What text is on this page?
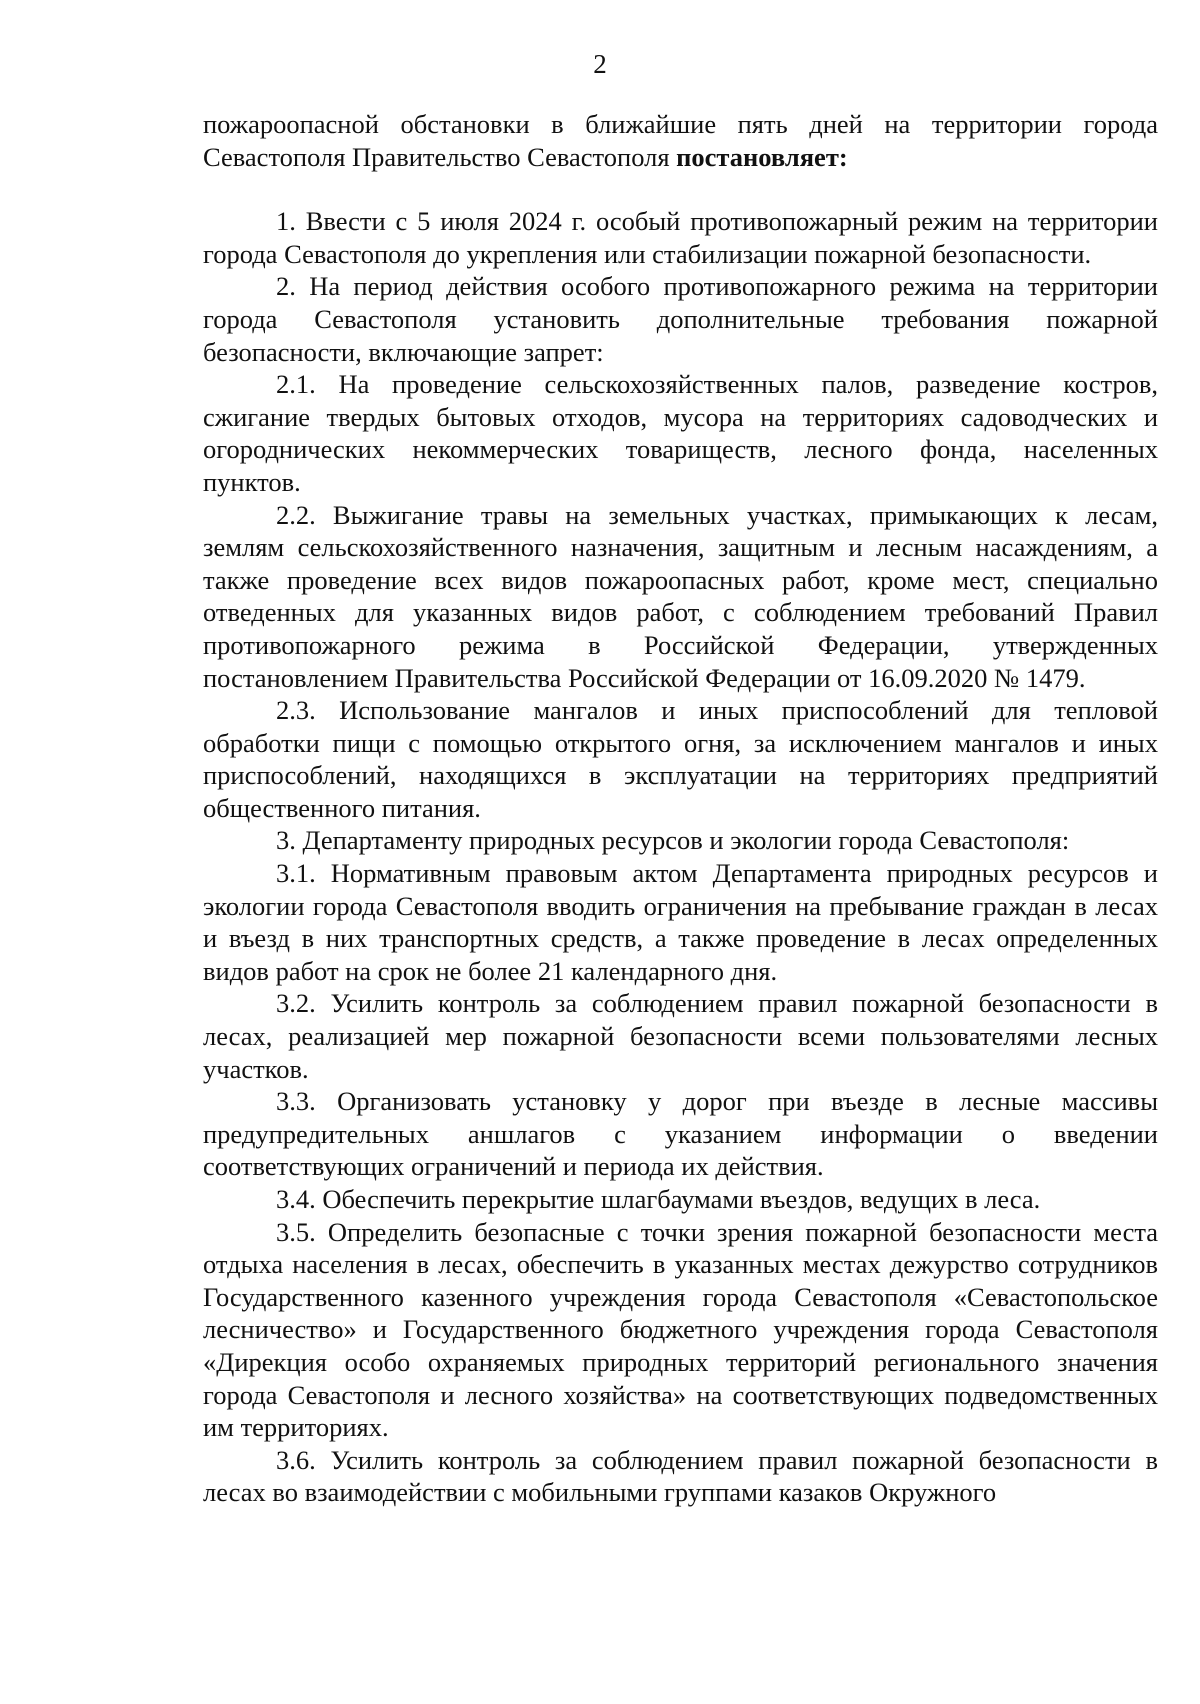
2

пожароопасной обстановки в ближайшие пять дней на территории города Севастополя Правительство Севастополя постановляет:

1. Ввести с 5 июля 2024 г. особый противопожарный режим на территории города Севастополя до укрепления или стабилизации пожарной безопасности.

2. На период действия особого противопожарного режима на территории города Севастополя установить дополнительные требования пожарной безопасности, включающие запрет:

2.1. На проведение сельскохозяйственных палов, разведение костров, сжигание твердых бытовых отходов, мусора на территориях садоводческих и огороднических некоммерческих товариществ, лесного фонда, населенных пунктов.

2.2. Выжигание травы на земельных участках, примыкающих к лесам, землям сельскохозяйственного назначения, защитным и лесным насаждениям, а также проведение всех видов пожароопасных работ, кроме мест, специально отведенных для указанных видов работ, с соблюдением требований Правил противопожарного режима в Российской Федерации, утвержденных постановлением Правительства Российской Федерации от 16.09.2020 № 1479.

2.3. Использование мангалов и иных приспособлений для тепловой обработки пищи с помощью открытого огня, за исключением мангалов и иных приспособлений, находящихся в эксплуатации на территориях предприятий общественного питания.

3. Департаменту природных ресурсов и экологии города Севастополя:

3.1. Нормативным правовым актом Департамента природных ресурсов и экологии города Севастополя вводить ограничения на пребывание граждан в лесах и въезд в них транспортных средств, а также проведение в лесах определенных видов работ на срок не более 21 календарного дня.

3.2. Усилить контроль за соблюдением правил пожарной безопасности в лесах, реализацией мер пожарной безопасности всеми пользователями лесных участков.

3.3. Организовать установку у дорог при въезде в лесные массивы предупредительных аншлагов с указанием информации о введении соответствующих ограничений и периода их действия.

3.4. Обеспечить перекрытие шлагбаумами въездов, ведущих в леса.

3.5. Определить безопасные с точки зрения пожарной безопасности места отдыха населения в лесах, обеспечить в указанных местах дежурство сотрудников Государственного казенного учреждения города Севастополя «Севастопольское лесничество» и Государственного бюджетного учреждения города Севастополя «Дирекция особо охраняемых природных территорий регионального значения города Севастополя и лесного хозяйства» на соответствующих подведомственных им территориях.

3.6. Усилить контроль за соблюдением правил пожарной безопасности в лесах во взаимодействии с мобильными группами казаков Окружного
